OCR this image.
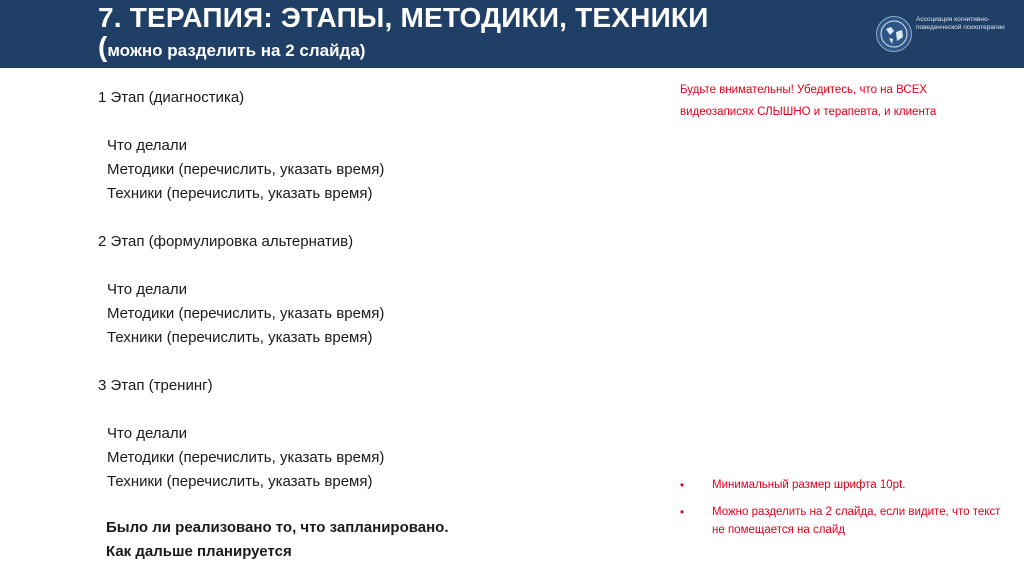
7. ТЕРАПИЯ: ЭТАПЫ, МЕТОДИКИ, ТЕХНИКИ
(можно разделить на 2 слайда)
Ассоциация когнитивно-поведенческой психотерапии
1 Этап (диагностика)
Что делали
Методики (перечислить, указать время)
Техники (перечислить, указать время)
2 Этап (формулировка альтернатив)
Что делали
Методики (перечислить, указать время)
Техники (перечислить, указать время)
3 Этап (тренинг)
Что делали
Методики (перечислить, указать время)
Техники (перечислить, указать время)
Было ли реализовано то, что запланировано.
Как дальше планируется
Будьте внимательны! Убедитесь, что на ВСЕХ видеозаписях СЛЫШНО и терапевта, и клиента
•	Минимальный размер шрифта 10pt.
•	Можно разделить на 2 слайда, если видите, что текст не помещается на слайд
